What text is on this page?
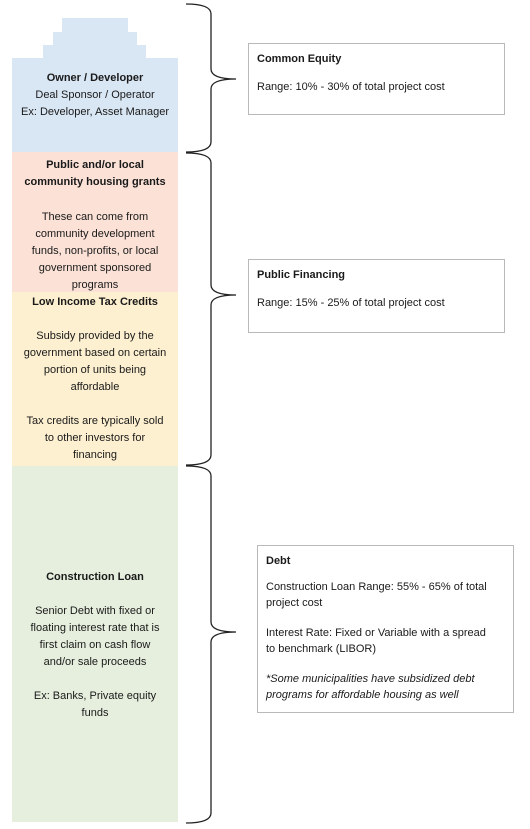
Owner / Developer
Deal Sponsor / Operator
Ex: Developer, Asset Manager
Public and/or local
community housing grants
These can come from
community development
funds, non-profits, or local
government sponsored
programs
Low Income Tax Credits
Subsidy provided by the
government based on certain
portion of units being
affordable
Tax credits are typically sold
to other investors for
financing
Construction Loan
Senior Debt with fixed or
floating interest rate that is
first claim on cash flow
and/or sale proceeds
Ex: Banks, Private equity
funds
Common Equity
Range: 10% - 30% of total project cost
Public Financing
Range: 15% - 25% of total project cost
Debt
Construction Loan Range: 55% - 65% of total
project cost
Interest Rate: Fixed or Variable with a spread
to benchmark (LIBOR)
*Some municipalities have subsidized debt
programs for affordable housing as well
